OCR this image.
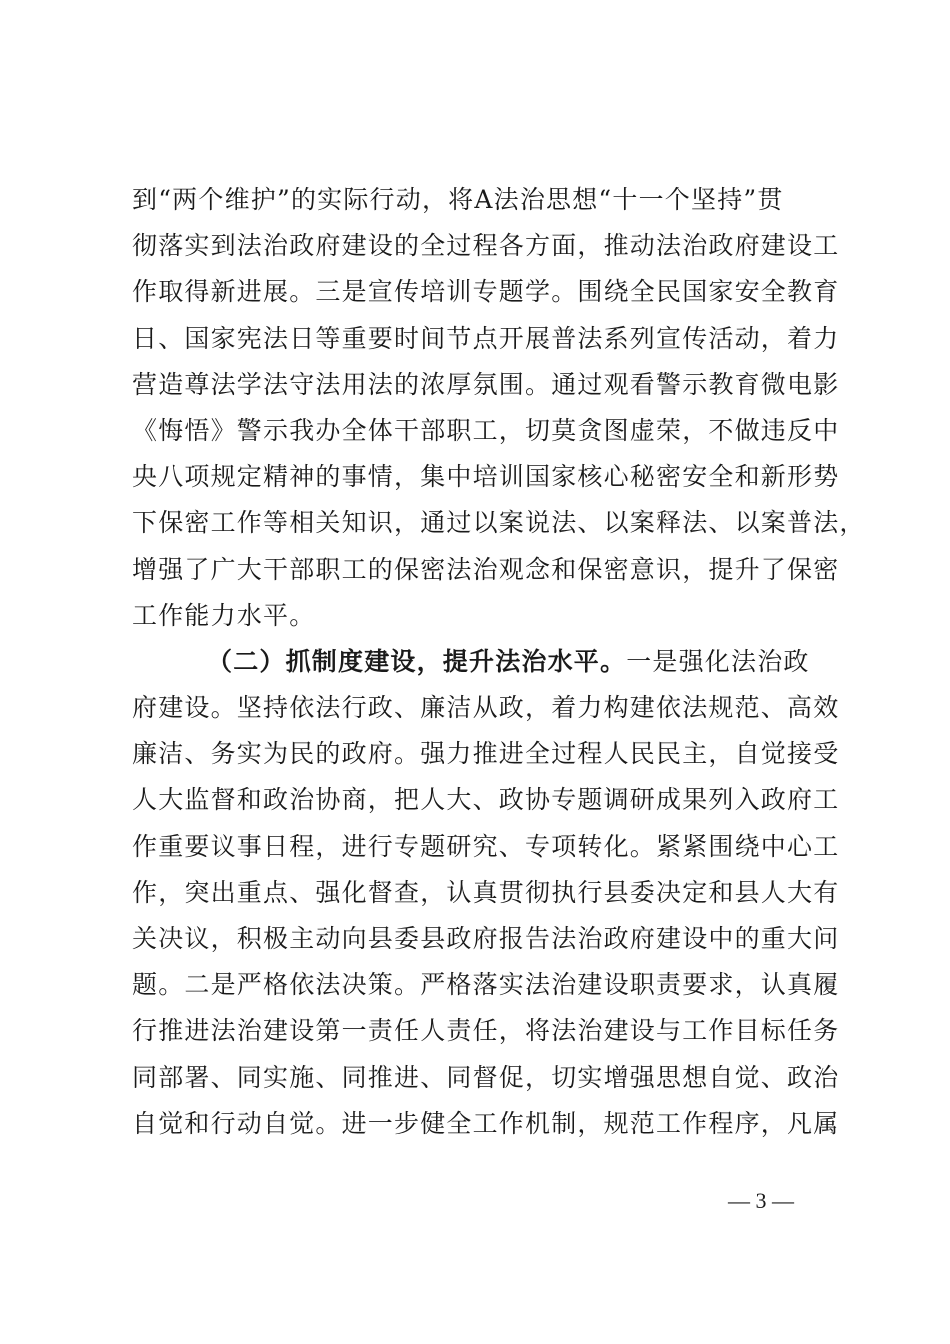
到“两个维护”的实际行动，将A法治思想“十一个坚持”贯
彻落实到法治政府建设的全过程各方面，推动法治政府建设工
作取得新进展。三是宣传培训专题学。围绕全民国家安全教育
日、国家宪法日等重要时间节点开展普法系列宣传活动，着力
营造尊法学法守法用法的浓厚氛围。通过观看警示教育微电影
《悔悟》警示我办全体干部职工，切莫贪图虚荣，不做违反中
央八项规定精神的事情，集中培训国家核心秘密安全和新形势
下保密工作等相关知识，通过以案说法、以案释法、以案普法，
增强了广大干部职工的保密法治观念和保密意识，提升了保密
工作能力水平。
（二）抓制度建设，提升法治水平。一是强化法治政
府建设。坚持依法行政、廉洁从政，着力构建依法规范、高效
廉洁、务实为民的政府。强力推进全过程人民民主，自觉接受
人大监督和政治协商，把人大、政协专题调研成果列入政府工
作重要议事日程，进行专题研究、专项转化。紧紧围绕中心工
作，突出重点、强化督查，认真贯彻执行县委决定和县人大有
关决议，积极主动向县委县政府报告法治政府建设中的重大问
题。二是严格依法决策。严格落实法治建设职责要求，认真履
行推进法治建设第一责任人责任，将法治建设与工作目标任务
同部署、同实施、同推进、同督促，切实增强思想自觉、政治
自觉和行动自觉。进一步健全工作机制，规范工作程序，凡属
— 3 —
